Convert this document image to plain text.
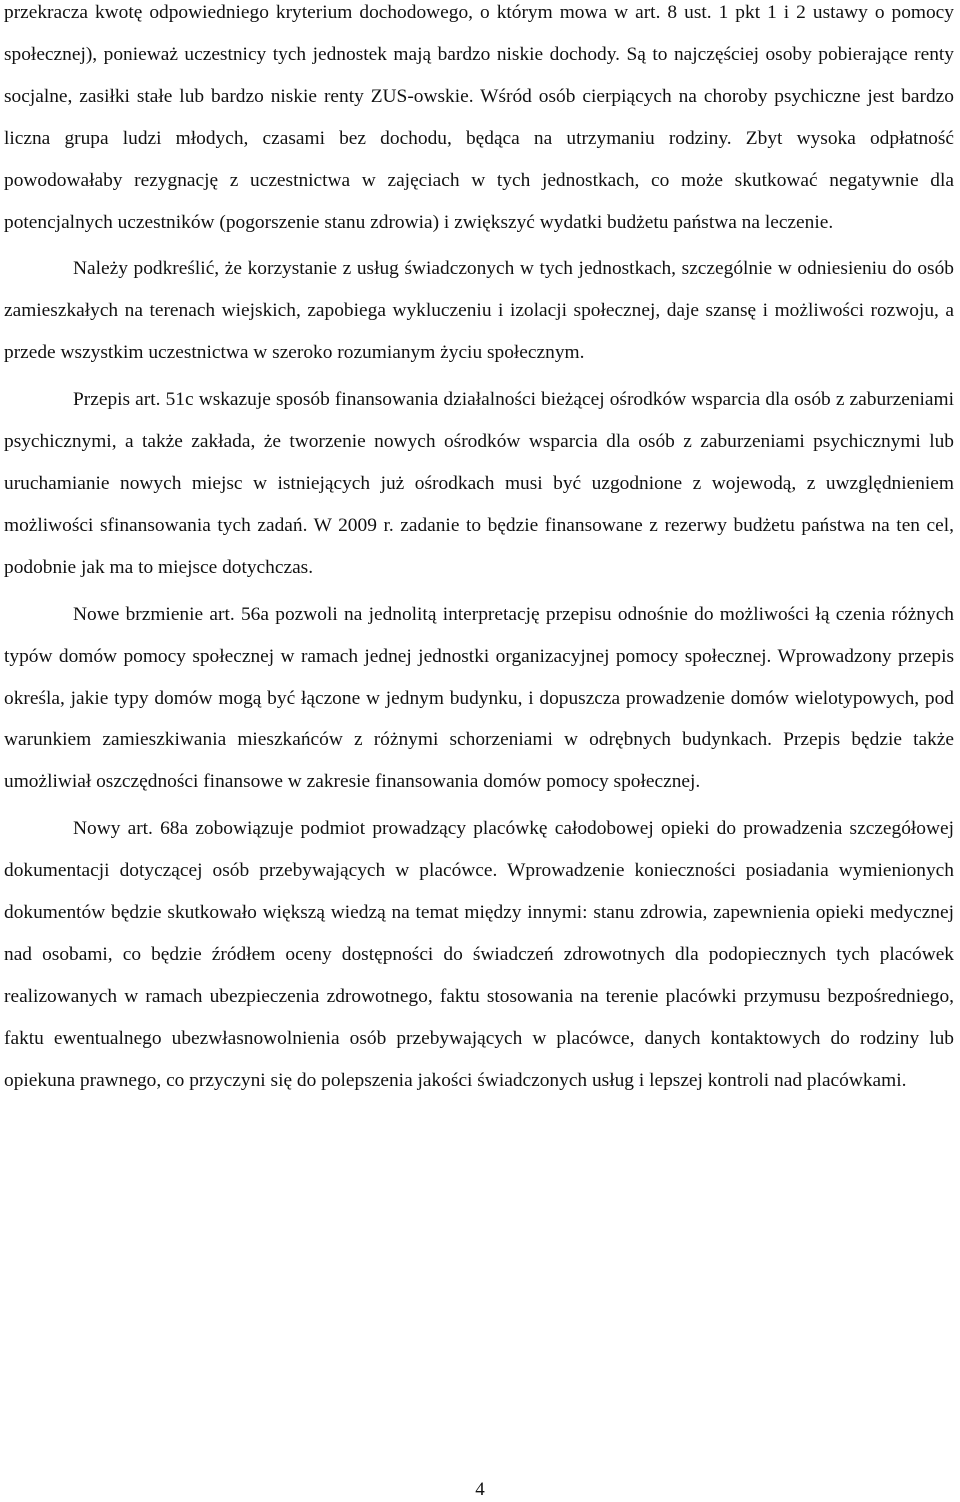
przekracza kwotę odpowiedniego kryterium dochodowego, o którym mowa w art. 8 ust. 1 pkt 1 i 2 ustawy o pomocy społecznej), ponieważ uczestnicy tych jednostek mają bardzo niskie dochody. Są to najczęściej osoby pobierające renty socjalne, zasiłki stałe lub bardzo niskie renty ZUS-owskie. Wśród osób cierpiących na choroby psychiczne jest bardzo liczna grupa ludzi młodych, czasami bez dochodu, będąca na utrzymaniu rodziny. Zbyt wysoka odpłatność powodowałaby rezygnację z uczestnictwa w zajęciach w tych jednostkach, co może skutkować negatywnie dla potencjalnych uczestników (pogorszenie stanu zdrowia) i zwiększyć wydatki budżetu państwa na leczenie.

Należy podkreślić, że korzystanie z usług świadczonych w tych jednostkach, szczególnie w odniesieniu do osób zamieszkałych na terenach wiejskich, zapobiega wykluczeniu i izolacji społecznej, daje szansę i możliwości rozwoju, a przede wszystkim uczestnictwa w szeroko rozumianym życiu społecznym.

Przepis art. 51c wskazuje sposób finansowania działalności bieżącej ośrodków wsparcia dla osób z zaburzeniami psychicznymi, a także zakłada, że tworzenie nowych ośrodków wsparcia dla osób z zaburzeniami psychicznymi lub uruchamianie nowych miejsc w istniejących już ośrodkach musi być uzgodnione z wojewodą, z uwzględnieniem możliwości sfinansowania tych zadań. W 2009 r. zadanie to będzie finansowane z rezerwy budżetu państwa na ten cel, podobnie jak ma to miejsce dotychczas.

Nowe brzmienie art. 56a pozwoli na jednolitą interpretację przepisu odnośnie do możliwości łą czenia różnych typów domów pomocy społecznej w ramach jednej jednostki organizacyjnej pomocy społecznej. Wprowadzony przepis określa, jakie typy domów mogą być łączone w jednym budynku, i dopuszcza prowadzenie domów wielotypowych, pod warunkiem zamieszkiwania mieszkańców z różnymi schorzeniami w odrębnych budynkach. Przepis będzie także umożliwiał oszczędności finansowe w zakresie finansowania domów pomocy społecznej.

Nowy art. 68a zobowiązuje podmiot prowadzący placówkę całodobowej opieki do prowadzenia szczegółowej dokumentacji dotyczącej osób przebywających w placówce. Wprowadzenie konieczności posiadania wymienionych dokumentów będzie skutkowało większą wiedzą na temat między innymi: stanu zdrowia, zapewnienia opieki medycznej nad osobami, co będzie źródłem oceny dostępności do świadczeń zdrowotnych dla podopiecznych tych placówek realizowanych w ramach ubezpieczenia zdrowotnego, faktu stosowania na terenie placówki przymusu bezpośredniego, faktu ewentualnego ubezwłasnowolnienia osób przebywających w placówce, danych kontaktowych do rodziny lub opiekuna prawnego, co przyczyni się do polepszenia jakości świadczonych usług i lepszej kontroli nad placówkami.

4
